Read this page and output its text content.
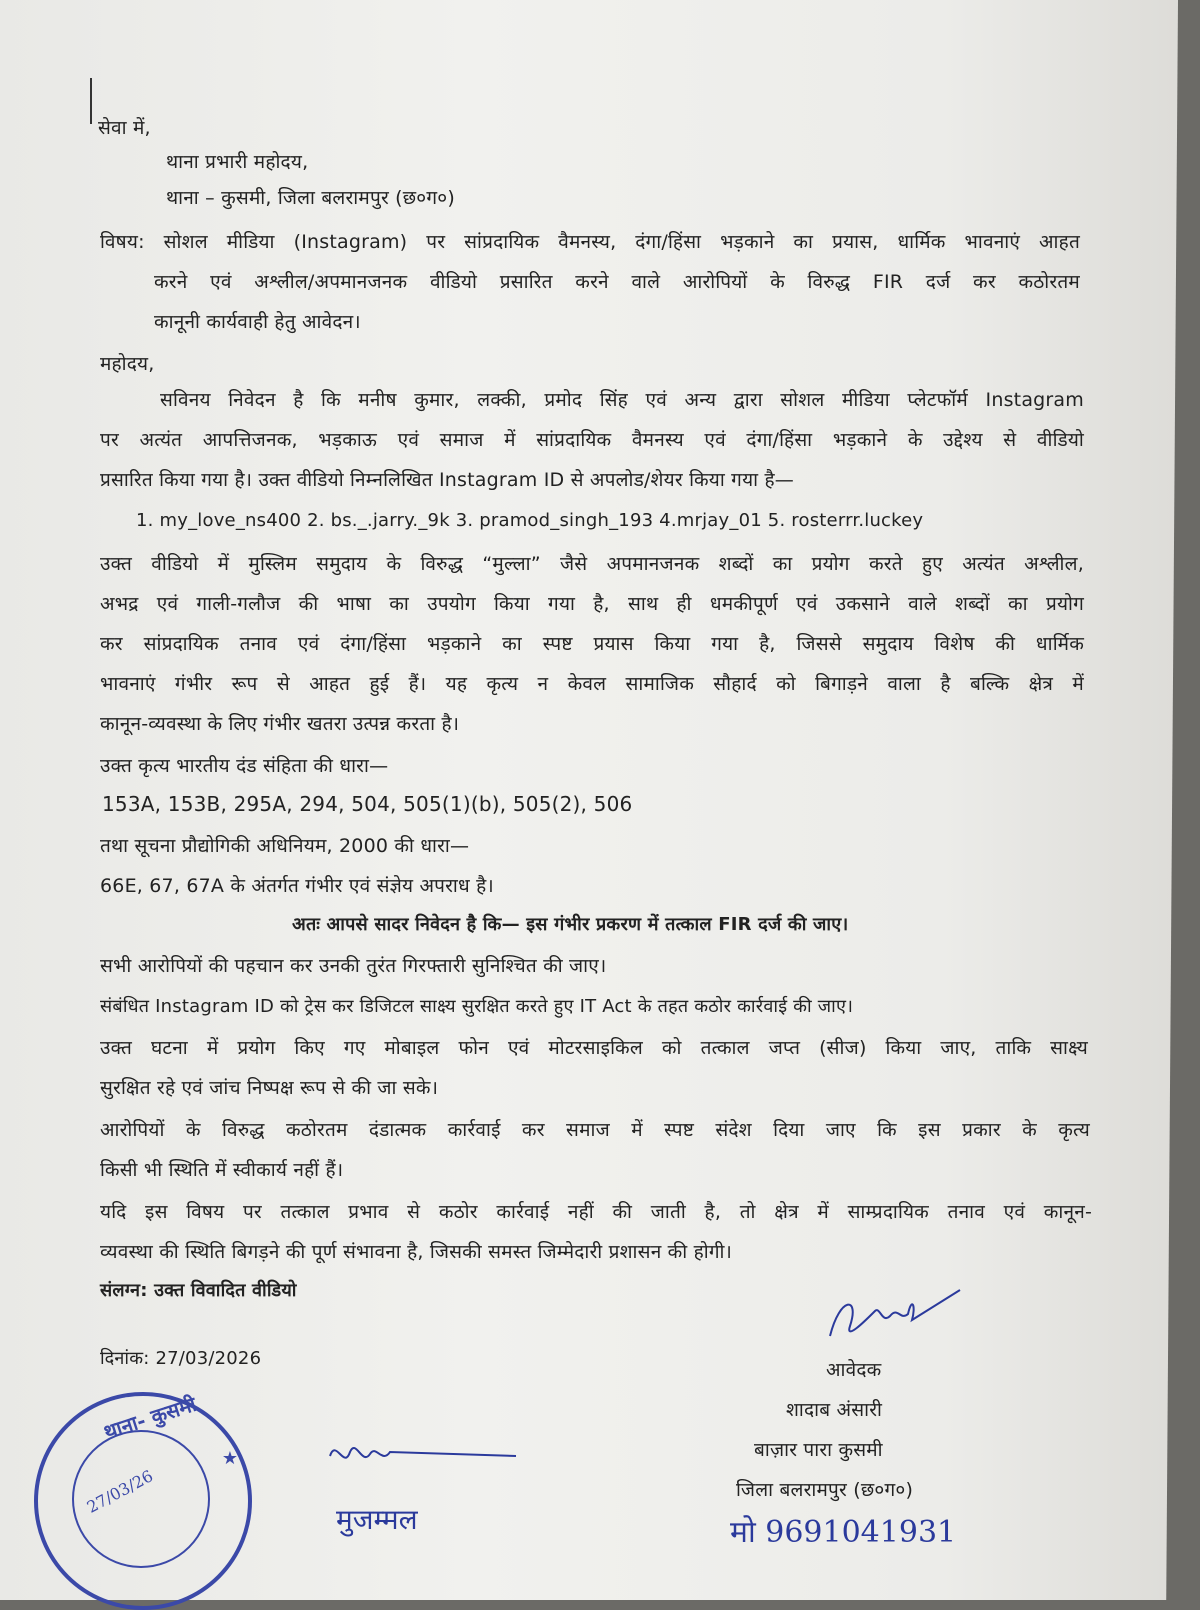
सेवा में,
थाना प्रभारी महोदय,
थाना – कुसमी, जिला बलरामपुर (छ०ग०)
विषय: सोशल मीडिया (Instagram) पर सांप्रदायिक वैमनस्य, दंगा/हिंसा भड़काने का प्रयास, धार्मिक भावनाएं आहत
करने एवं अश्लील/अपमानजनक वीडियो प्रसारित करने वाले आरोपियों के विरुद्ध FIR दर्ज कर कठोरतम
कानूनी कार्यवाही हेतु आवेदन।
महोदय,
सविनय निवेदन है कि मनीष कुमार, लक्की, प्रमोद सिंह एवं अन्य द्वारा सोशल मीडिया प्लेटफॉर्म Instagram
पर अत्यंत आपत्तिजनक, भड़काऊ एवं समाज में सांप्रदायिक वैमनस्य एवं दंगा/हिंसा भड़काने के उद्देश्य से वीडियो
प्रसारित किया गया है। उक्त वीडियो निम्नलिखित Instagram ID से अपलोड/शेयर किया गया है—
1. my_love_ns400 2. bs._.jarry._9k 3. pramod_singh_193 4.mrjay_01 5. rosterrr.luckey
उक्त वीडियो में मुस्लिम समुदाय के विरुद्ध “मुल्ला” जैसे अपमानजनक शब्दों का प्रयोग करते हुए अत्यंत अश्लील,
अभद्र एवं गाली-गलौज की भाषा का उपयोग किया गया है, साथ ही धमकीपूर्ण एवं उकसाने वाले शब्दों का प्रयोग
कर सांप्रदायिक तनाव एवं दंगा/हिंसा भड़काने का स्पष्ट प्रयास किया गया है, जिससे समुदाय विशेष की धार्मिक
भावनाएं गंभीर रूप से आहत हुई हैं। यह कृत्य न केवल सामाजिक सौहार्द को बिगाड़ने वाला है बल्कि क्षेत्र में
कानून-व्यवस्था के लिए गंभीर खतरा उत्पन्न करता है।
उक्त कृत्य भारतीय दंड संहिता की धारा—
153A, 153B, 295A, 294, 504, 505(1)(b), 505(2), 506
तथा सूचना प्रौद्योगिकी अधिनियम, 2000 की धारा—
66E, 67, 67A के अंतर्गत गंभीर एवं संज्ञेय अपराध है।
अतः आपसे सादर निवेदन है कि— इस गंभीर प्रकरण में तत्काल FIR दर्ज की जाए।
सभी आरोपियों की पहचान कर उनकी तुरंत गिरफ्तारी सुनिश्चित की जाए।
संबंधित Instagram ID को ट्रेस कर डिजिटल साक्ष्य सुरक्षित करते हुए IT Act के तहत कठोर कार्रवाई की जाए।
उक्त घटना में प्रयोग किए गए मोबाइल फोन एवं मोटरसाइकिल को तत्काल जप्त (सीज) किया जाए, ताकि साक्ष्य
सुरक्षित रहे एवं जांच निष्पक्ष रूप से की जा सके।
आरोपियों के विरुद्ध कठोरतम दंडात्मक कार्रवाई कर समाज में स्पष्ट संदेश दिया जाए कि इस प्रकार के कृत्य
किसी भी स्थिति में स्वीकार्य नहीं हैं।
यदि इस विषय पर तत्काल प्रभाव से कठोर कार्रवाई नहीं की जाती है, तो क्षेत्र में साम्प्रदायिक तनाव एवं कानून-
व्यवस्था की स्थिति बिगड़ने की पूर्ण संभावना है, जिसकी समस्त जिम्मेदारी प्रशासन की होगी।
संलग्न: उक्त विवादित वीडियो
दिनांक: 27/03/2026
आवेदक
शादाब अंसारी
बाज़ार पारा कुसमी
जिला बलरामपुर (छ०ग०)
मो 9691041931
थाना- कुसमी
★
27/03/26
मुजम्मल
